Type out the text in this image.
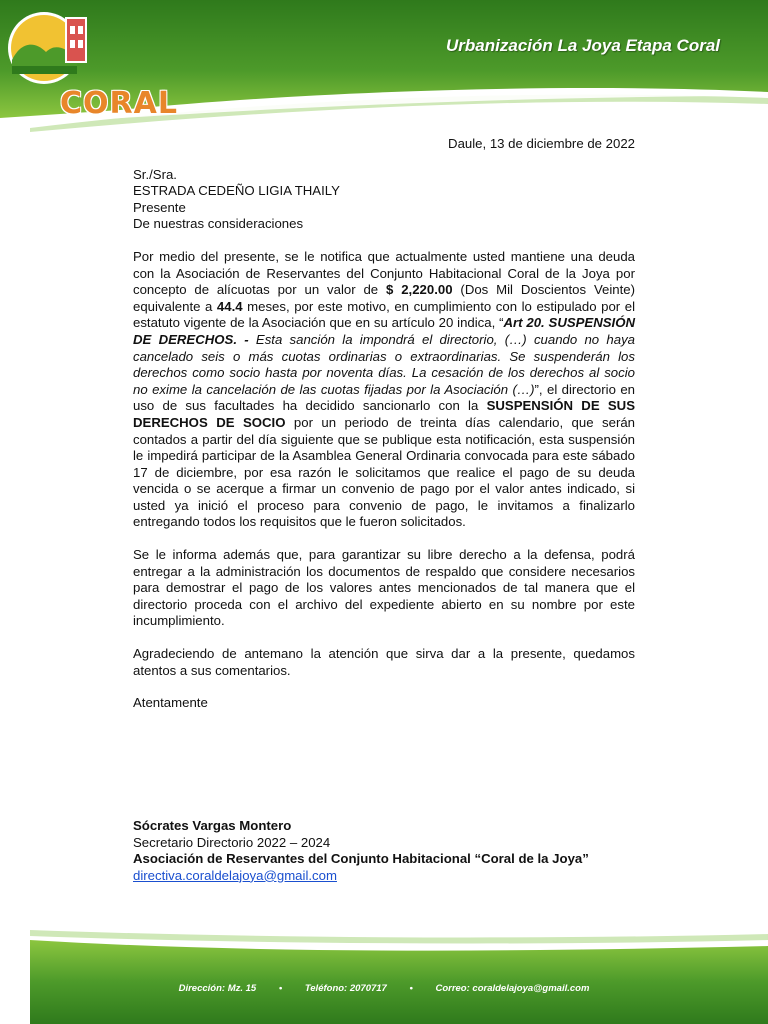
CORAL
Urbanización La Joya Etapa Coral
Daule, 13 de diciembre de 2022

Sr./Sra.

ESTRADA CEDEÑO LIGIA THAILY

Presente

De nuestras consideraciones

Por medio del presente, se le notifica que actualmente usted mantiene una deuda con la Asociación de Reservantes del Conjunto Habitacional Coral de la Joya por concepto de alícuotas por un valor de $ 2,220.00 (Dos Mil Doscientos Veinte) equivalente a 44.4 meses, por este motivo, en cumplimiento con lo estipulado por el estatuto vigente de la Asociación que en su artículo 20 indica, “Art 20. SUSPENSIÓN DE DERECHOS. - Esta sanción la impondrá el directorio, (…) cuando no haya cancelado seis o más cuotas ordinarias o extraordinarias. Se suspenderán los derechos como socio hasta por noventa días. La cesación de los derechos al socio no exime la cancelación de las cuotas fijadas por la Asociación (…)”, el directorio en uso de sus facultades ha decidido sancionarlo con la SUSPENSIÓN DE SUS DERECHOS DE SOCIO por un periodo de treinta días calendario, que serán contados a partir del día siguiente que se publique esta notificación, esta suspensión le impedirá participar de la Asamblea General Ordinaria convocada para este sábado 17 de diciembre, por esa razón le solicitamos que realice el pago de su deuda vencida o se acerque a firmar un convenio de pago por el valor antes indicado, si usted ya inició el proceso para convenio de pago, le invitamos a finalizarlo entregando todos los requisitos que le fueron solicitados.

Se le informa además que, para garantizar su libre derecho a la defensa, podrá entregar a la administración los documentos de respaldo que considere necesarios para demostrar el pago de los valores antes mencionados de tal manera que el directorio proceda con el archivo del expediente abierto en su nombre por este incumplimiento.

Agradeciendo de antemano la atención que sirva dar a la presente, quedamos atentos a sus comentarios.

Atentamente

Sócrates Vargas Montero

Secretario Directorio 2022 – 2024

Asociación de Reservantes del Conjunto Habitacional “Coral de la Joya”

directiva.coraldelajoya@gmail.com

Dirección: Mz. 15 • Teléfono: 2070717 • Correo: coraldelajoya@gmail.com
